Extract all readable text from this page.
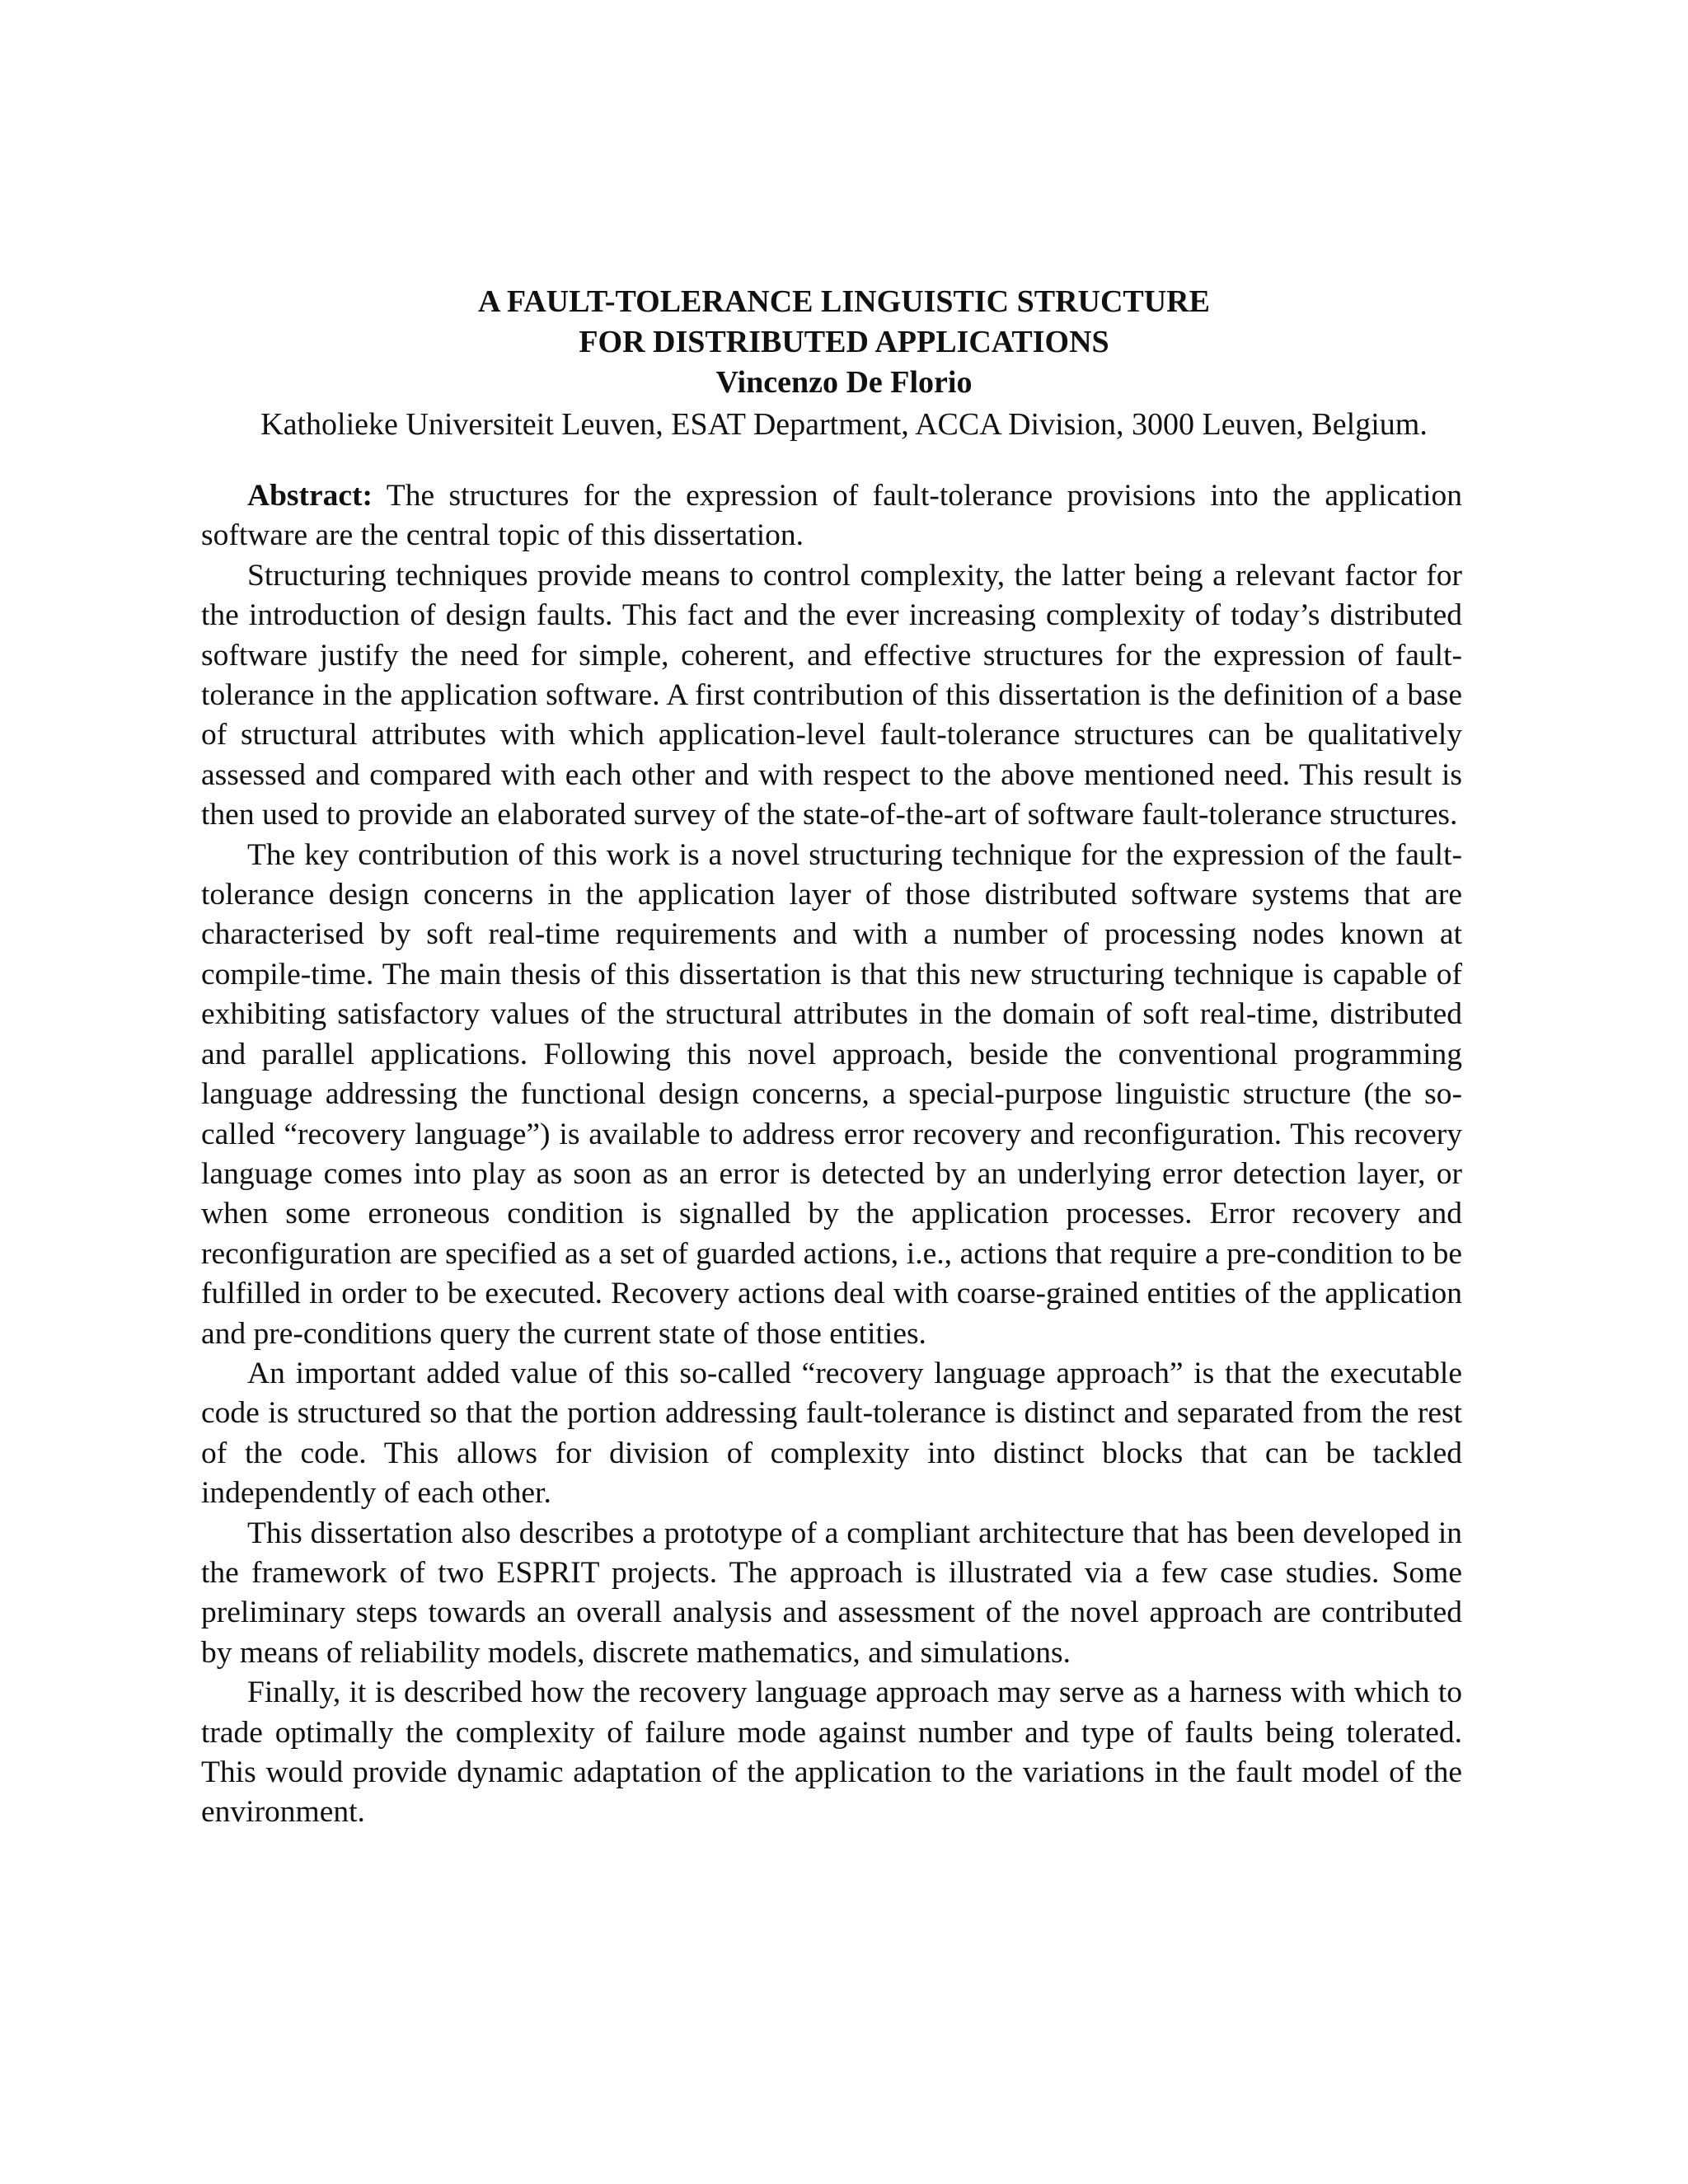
A FAULT-TOLERANCE LINGUISTIC STRUCTURE
FOR DISTRIBUTED APPLICATIONS
Vincenzo De Florio
Katholieke Universiteit Leuven, ESAT Department, ACCA Division, 3000 Leuven, Belgium.

Abstract: The structures for the expression of fault-tolerance provisions into the application software are the central topic of this dissertation.

Structuring techniques provide means to control complexity, the latter being a relevant factor for the introduction of design faults. This fact and the ever increasing complexity of today’s distributed software justify the need for simple, coherent, and effective structures for the expression of fault-tolerance in the application software. A first contribution of this dissertation is the definition of a base of structural attributes with which application-level fault-tolerance structures can be qualitatively assessed and compared with each other and with respect to the above mentioned need. This result is then used to provide an elaborated survey of the state-of-the-art of software fault-tolerance structures.

The key contribution of this work is a novel structuring technique for the expression of the fault-tolerance design concerns in the application layer of those distributed software systems that are characterised by soft real-time requirements and with a number of processing nodes known at compile-time. The main thesis of this dissertation is that this new structuring technique is capable of exhibiting satisfactory values of the structural attributes in the domain of soft real-time, distributed and parallel applications. Following this novel approach, beside the conventional programming language addressing the functional design concerns, a special-purpose linguistic structure (the so-called “recovery language”) is available to address error recovery and reconfiguration. This recovery language comes into play as soon as an error is detected by an underlying error detection layer, or when some erroneous condition is signalled by the application processes. Error recovery and reconfiguration are specified as a set of guarded actions, i.e., actions that require a pre-condition to be fulfilled in order to be executed. Recovery actions deal with coarse-grained entities of the application and pre-conditions query the current state of those entities.

An important added value of this so-called “recovery language approach” is that the executable code is structured so that the portion addressing fault-tolerance is distinct and separated from the rest of the code. This allows for division of complexity into distinct blocks that can be tackled independently of each other.

This dissertation also describes a prototype of a compliant architecture that has been developed in the framework of two ESPRIT projects. The approach is illustrated via a few case studies. Some preliminary steps towards an overall analysis and assessment of the novel approach are contributed by means of reliability models, discrete mathematics, and simulations.

Finally, it is described how the recovery language approach may serve as a harness with which to trade optimally the complexity of failure mode against number and type of faults being tolerated. This would provide dynamic adaptation of the application to the variations in the fault model of the environment.
